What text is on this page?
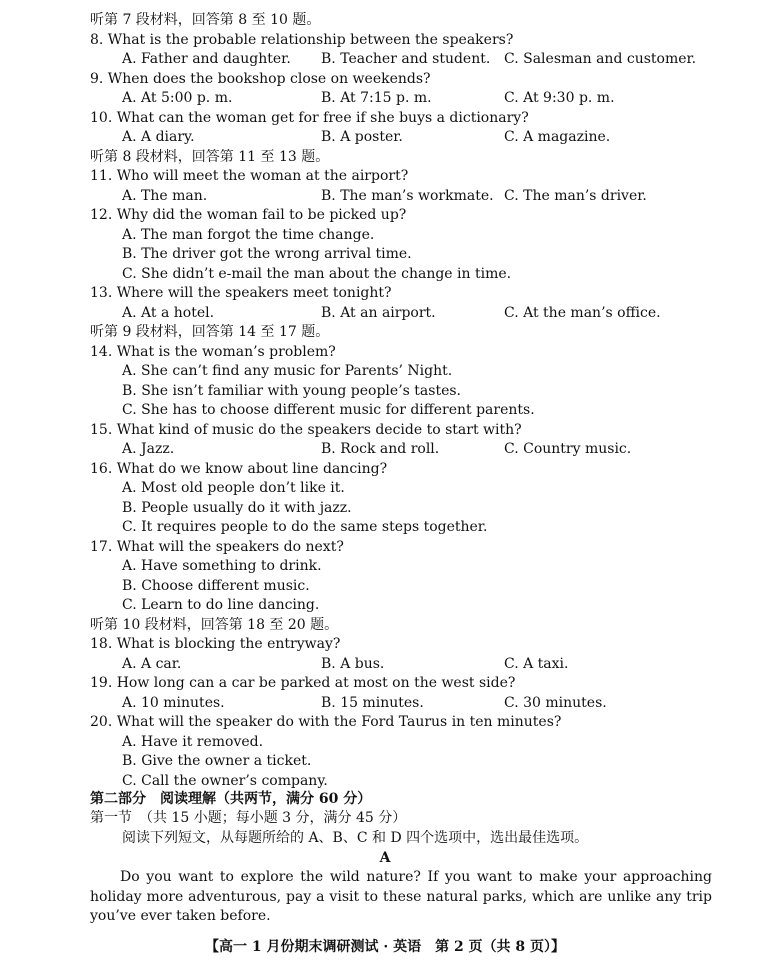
听第 7 段材料，回答第 8 至 10 题。
8. What is the probable relationship between the speakers?
A. Father and daughter. B. Teacher and student. C. Salesman and customer.
9. When does the bookshop close on weekends?
A. At 5:00 p. m.	B. At 7:15 p. m.	C. At 9:30 p. m.
10. What can the woman get for free if she buys a dictionary?
A. A diary.	B. A poster.	C. A magazine.
听第 8 段材料，回答第 11 至 13 题。
11. Who will meet the woman at the airport?
A. The man.	B. The man’s workmate. C. The man’s driver.
12. Why did the woman fail to be picked up?
A. The man forgot the time change.
B. The driver got the wrong arrival time.
C. She didn’t e-mail the man about the change in time.
13. Where will the speakers meet tonight?
A. At a hotel.	B. At an airport.	C. At the man’s office.
听第 9 段材料，回答第 14 至 17 题。
14. What is the woman’s problem?
A. She can’t find any music for Parents’ Night.
B. She isn’t familiar with young people’s tastes.
C. She has to choose different music for different parents.
15. What kind of music do the speakers decide to start with?
A. Jazz.	B. Rock and roll.	C. Country music.
16. What do we know about line dancing?
A. Most old people don’t like it.
B. People usually do it with jazz.
C. It requires people to do the same steps together.
17. What will the speakers do next?
A. Have something to drink.
B. Choose different music.
C. Learn to do line dancing.
听第 10 段材料，回答第 18 至 20 题。
18. What is blocking the entryway?
A. A car.	B. A bus.	C. A taxi.
19. How long can a car be parked at most on the west side?
A. 10 minutes.	B. 15 minutes.	C. 30 minutes.
20. What will the speaker do with the Ford Taurus in ten minutes?
A. Have it removed.
B. Give the owner a ticket.
C. Call the owner’s company.
第二部分　阅读理解（共两节，满分 60 分）
第一节　（共 15 小题；每小题 3 分，满分 45 分）
阅读下列短文，从每题所给的 A、B、C 和 D 四个选项中，选出最佳选项。
A
Do you want to explore the wild nature? If you want to make your approaching holiday more adventurous, pay a visit to these natural parks, which are unlike any trip you’ve ever taken before.
【高一 1 月份期末调研测试 · 英语　第 2 页（共 8 页）】
